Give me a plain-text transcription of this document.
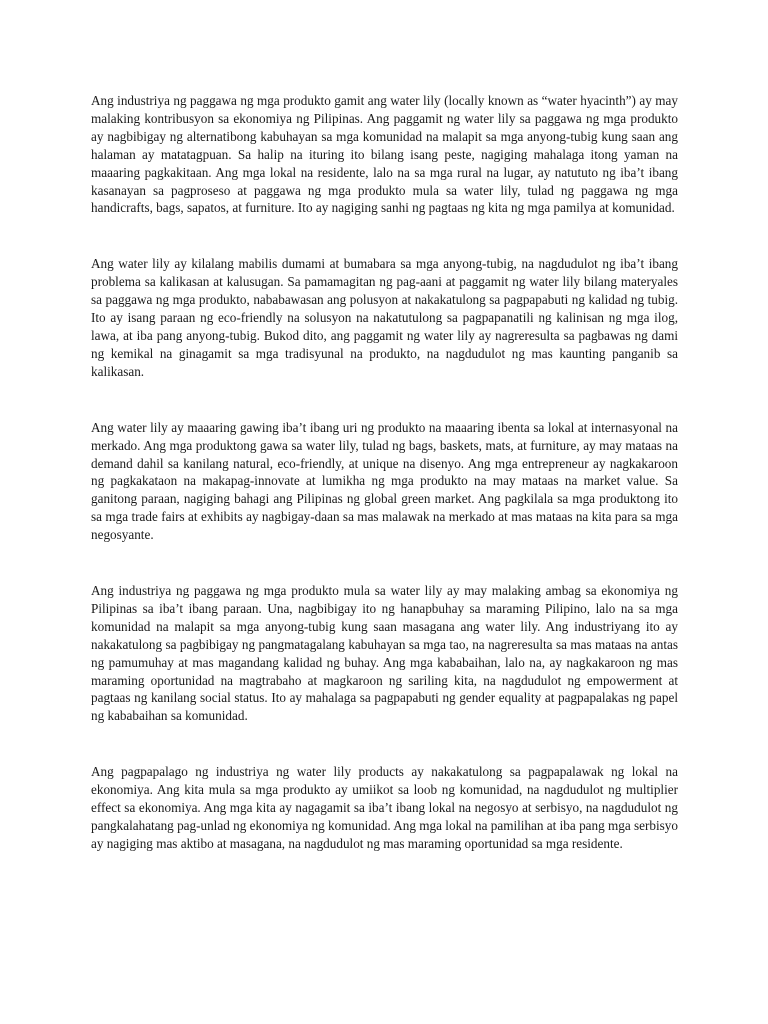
Ang industriya ng paggawa ng mga produkto gamit ang water lily (locally known as “water hyacinth”) ay may malaking kontribusyon sa ekonomiya ng Pilipinas. Ang paggamit ng water lily sa paggawa ng mga produkto ay nagbibigay ng alternatibong kabuhayan sa mga komunidad na malapit sa mga anyong-tubig kung saan ang halaman ay matatagpuan. Sa halip na ituring ito bilang isang peste, nagiging mahalaga itong yaman na maaaring pagkakitaan. Ang mga lokal na residente, lalo na sa mga rural na lugar, ay natututo ng iba’t ibang kasanayan sa pagproseso at paggawa ng mga produkto mula sa water lily, tulad ng paggawa ng mga handicrafts, bags, sapatos, at furniture. Ito ay nagiging sanhi ng pagtaas ng kita ng mga pamilya at komunidad.

Ang water lily ay kilalang mabilis dumami at bumabara sa mga anyong-tubig, na nagdudulot ng iba’t ibang problema sa kalikasan at kalusugan. Sa pamamagitan ng pag-aani at paggamit ng water lily bilang materyales sa paggawa ng mga produkto, nababawasan ang polusyon at nakakatulong sa pagpapabuti ng kalidad ng tubig. Ito ay isang paraan ng eco-friendly na solusyon na nakatutulong sa pagpapanatili ng kalinisan ng mga ilog, lawa, at iba pang anyong-tubig. Bukod dito, ang paggamit ng water lily ay nagreresulta sa pagbawas ng dami ng kemikal na ginagamit sa mga tradisyunal na produkto, na nagdudulot ng mas kaunting panganib sa kalikasan.

Ang water lily ay maaaring gawing iba’t ibang uri ng produkto na maaaring ibenta sa lokal at internasyonal na merkado. Ang mga produktong gawa sa water lily, tulad ng bags, baskets, mats, at furniture, ay may mataas na demand dahil sa kanilang natural, eco-friendly, at unique na disenyo. Ang mga entrepreneur ay nagkakaroon ng pagkakataon na makapag-innovate at lumikha ng mga produkto na may mataas na market value. Sa ganitong paraan, nagiging bahagi ang Pilipinas ng global green market. Ang pagkilala sa mga produktong ito sa mga trade fairs at exhibits ay nagbigay-daan sa mas malawak na merkado at mas mataas na kita para sa mga negosyante.

Ang industriya ng paggawa ng mga produkto mula sa water lily ay may malaking ambag sa ekonomiya ng Pilipinas sa iba’t ibang paraan. Una, nagbibigay ito ng hanapbuhay sa maraming Pilipino, lalo na sa mga komunidad na malapit sa mga anyong-tubig kung saan masagana ang water lily. Ang industriyang ito ay nakakatulong sa pagbibigay ng pangmatagalang kabuhayan sa mga tao, na nagreresulta sa mas mataas na antas ng pamumuhay at mas magandang kalidad ng buhay. Ang mga kababaihan, lalo na, ay nagkakaroon ng mas maraming oportunidad na magtrabaho at magkaroon ng sariling kita, na nagdudulot ng empowerment at pagtaas ng kanilang social status. Ito ay mahalaga sa pagpapabuti ng gender equality at pagpapalakas ng papel ng kababaihan sa komunidad.

Ang pagpapalago ng industriya ng water lily products ay nakakatulong sa pagpapalawak ng lokal na ekonomiya. Ang kita mula sa mga produkto ay umiikot sa loob ng komunidad, na nagdudulot ng multiplier effect sa ekonomiya. Ang mga kita ay nagagamit sa iba’t ibang lokal na negosyo at serbisyo, na nagdudulot ng pangkalahatang pag-unlad ng ekonomiya ng komunidad. Ang mga lokal na pamilihan at iba pang mga serbisyo ay nagiging mas aktibo at masagana, na nagdudulot ng mas maraming oportunidad sa mga residente.
